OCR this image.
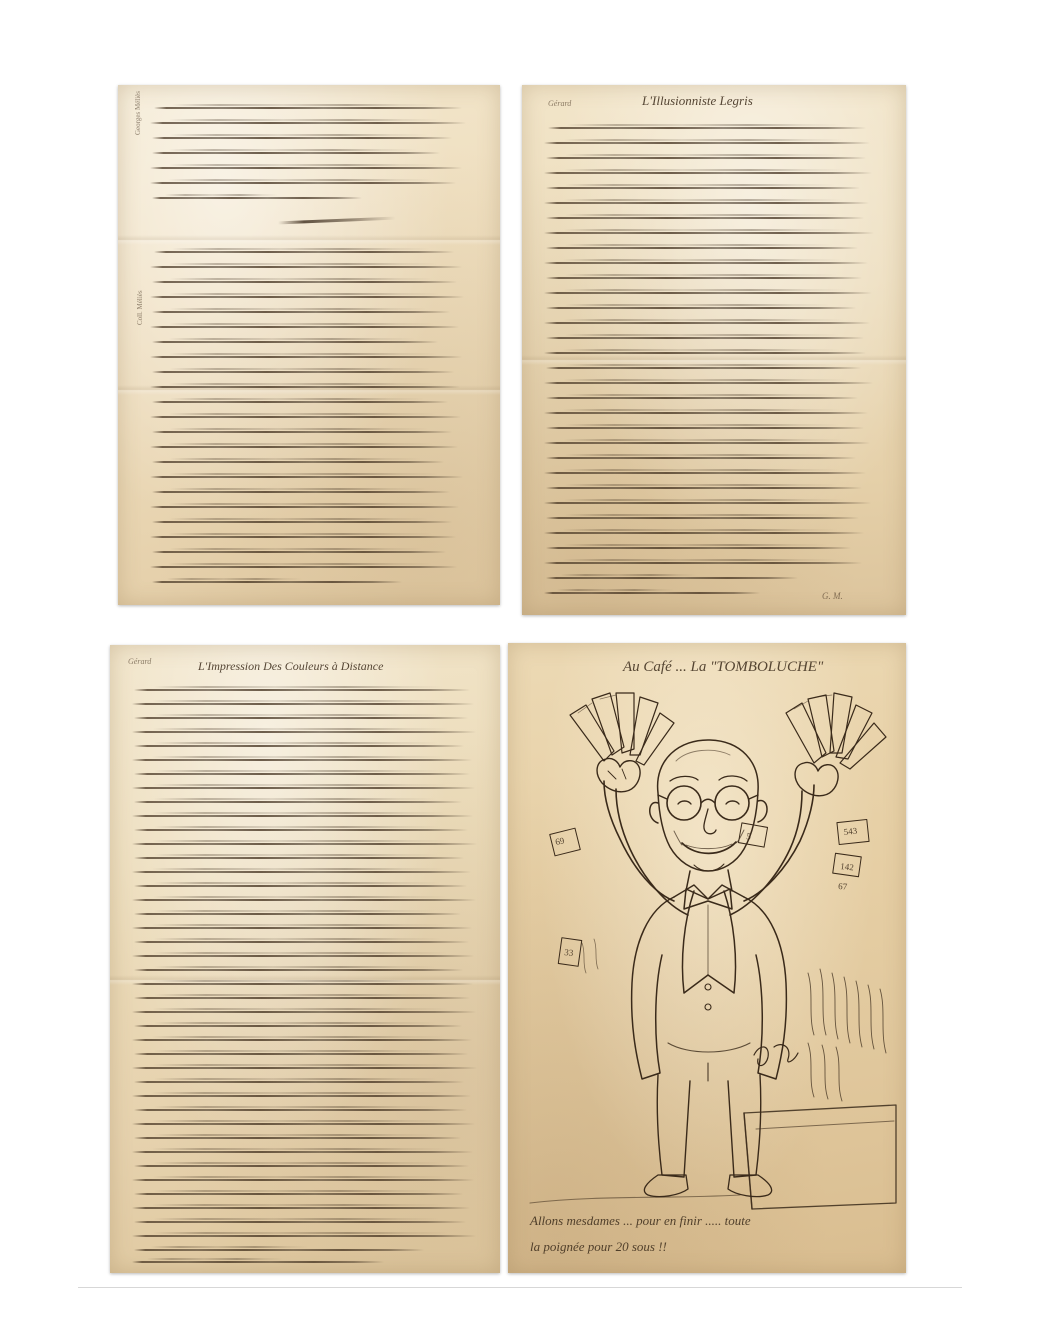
Georges Méliès
Coll. Méliès
Gérard	L'Illusionniste Legris
G. M.
Gérard	L'Impression Des Couleurs à Distance	Au Café ... La "TOMBOLUCHE"
69
33
5	543
142
67
Allons mesdames ... pour en finir ..... toute
la poignée pour 20 sous !!
